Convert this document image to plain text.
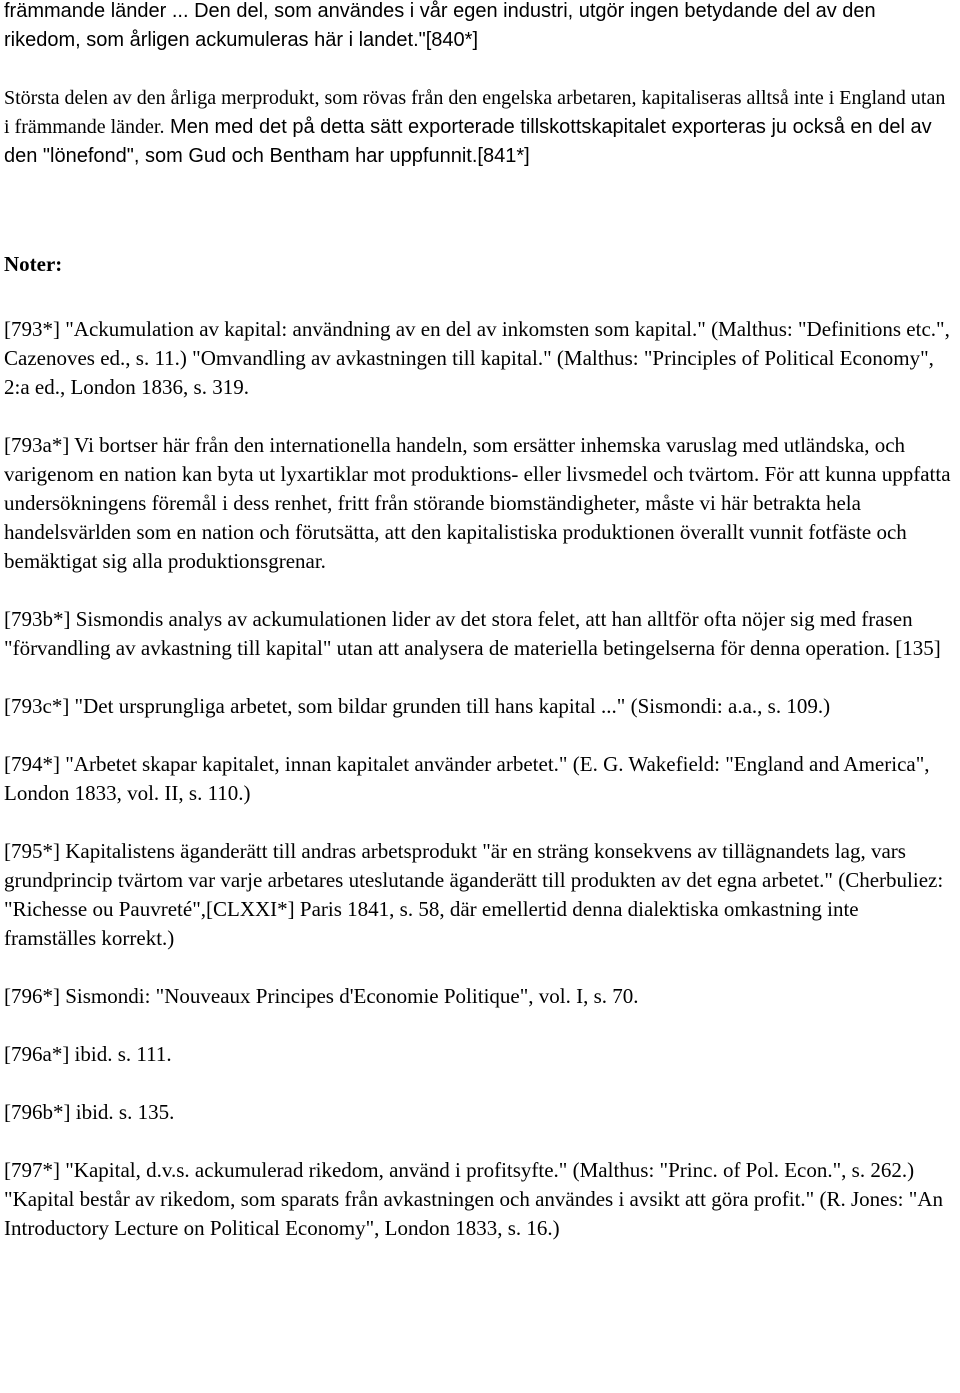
främmande länder ... Den del, som användes i vår egen industri, utgör ingen betydande del av den rikedom, som årligen ackumuleras här i landet."[840*]

Största delen av den årliga merprodukt, som rövas från den engelska arbetaren, kapitaliseras alltså inte i England utan i främmande länder. Men med det på detta sätt exporterade tillskottskapitalet exporteras ju också en del av den "lönefond", som Gud och Bentham har uppfunnit.[841*]

Noter:

[793*] "Ackumulation av kapital: användning av en del av inkomsten som kapital." (Malthus: "Definitions etc.", Cazenoves ed., s. 11.) "Omvandling av avkastningen till kapital." (Malthus: "Principles of Political Economy", 2:a ed., London 1836, s. 319.

[793a*] Vi bortser här från den internationella handeln, som ersätter inhemska varuslag med utländska, och varigenom en nation kan byta ut lyxartiklar mot produktions- eller livsmedel och tvärtom. För att kunna uppfatta undersökningens föremål i dess renhet, fritt från störande biomständigheter, måste vi här betrakta hela handelsvärlden som en nation och förutsätta, att den kapitalistiska produktionen överallt vunnit fotfäste och bemäktigat sig alla produktionsgrenar.

[793b*] Sismondis analys av ackumulationen lider av det stora felet, att han alltför ofta nöjer sig med frasen "förvandling av avkastning till kapital" utan att analysera de materiella betingelserna för denna operation. [135]

[793c*] "Det ursprungliga arbetet, som bildar grunden till hans kapital ..." (Sismondi: a.a., s. 109.)

[794*] "Arbetet skapar kapitalet, innan kapitalet använder arbetet." (E. G. Wakefield: "England and America", London 1833, vol. II, s. 110.)

[795*] Kapitalistens äganderätt till andras arbetsprodukt "är en sträng konsekvens av tillägnandets lag, vars grundprincip tvärtom var varje arbetares uteslutande äganderätt till produkten av det egna arbetet." (Cherbuliez: "Richesse ou Pauvreté",[CLXXI*] Paris 1841, s. 58, där emellertid denna dialektiska omkastning inte framställes korrekt.)

[796*] Sismondi: "Nouveaux Principes d'Economie Politique", vol. I, s. 70.

[796a*] ibid. s. 111.

[796b*] ibid. s. 135.

[797*] "Kapital, d.v.s. ackumulerad rikedom, använd i profitsyfte." (Malthus: "Princ. of Pol. Econ.", s. 262.) "Kapital består av rikedom, som sparats från avkastningen och användes i avsikt att göra profit." (R. Jones: "An Introductory Lecture on Political Economy", London 1833, s. 16.)
